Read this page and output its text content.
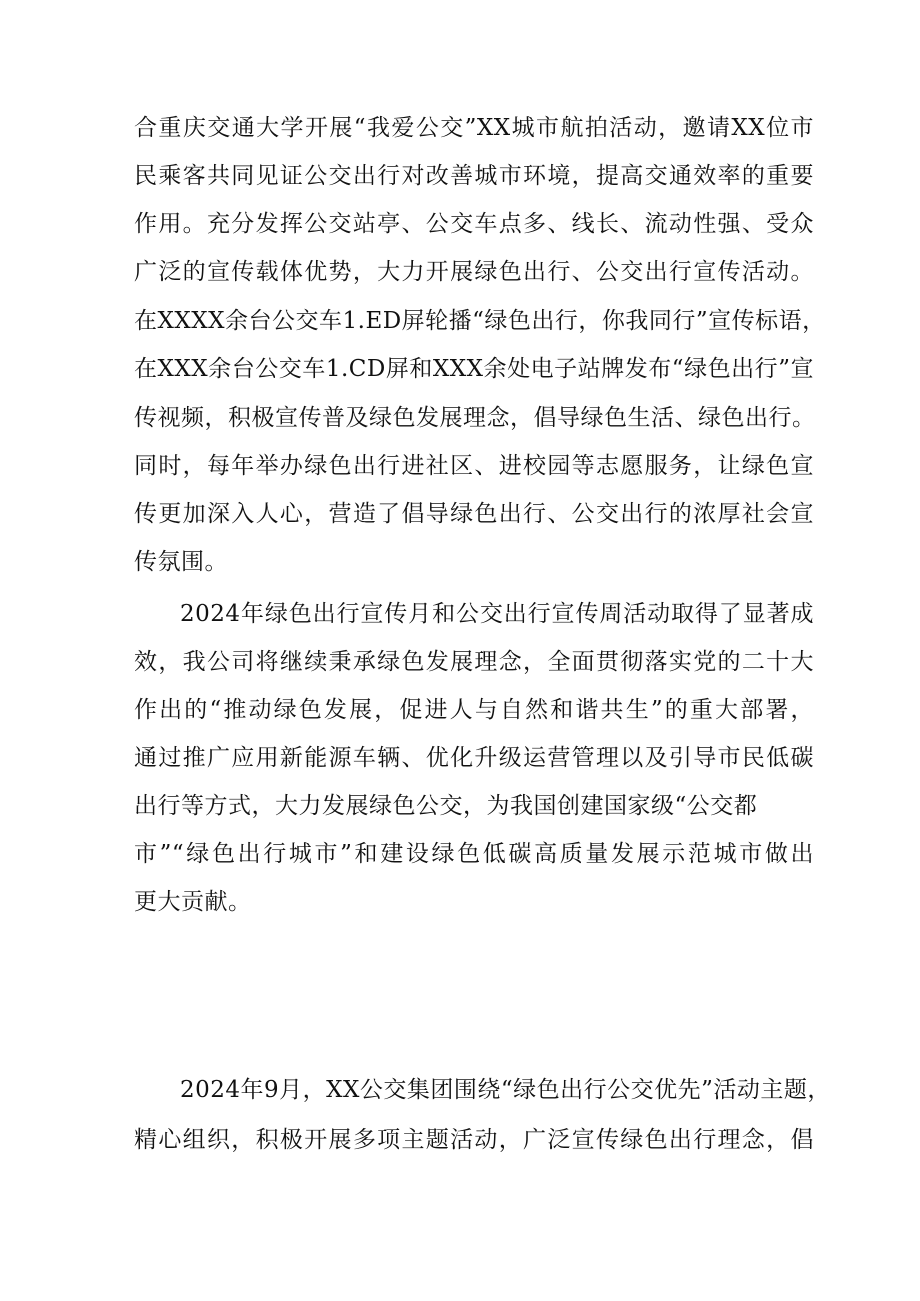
合重庆交通大学开展“我爱公交”XX城市航拍活动，邀请XX位市
民乘客共同见证公交出行对改善城市环境，提高交通效率的重要
作用。充分发挥公交站亭、公交车点多、线长、流动性强、受众
广泛的宣传载体优势，大力开展绿色出行、公交出行宣传活动。
在XXXX余台公交车1.ED屏轮播“绿色出行，你我同行”宣传标语，
在XXX余台公交车1.CD屏和XXX余处电子站牌发布“绿色出行”宣
传视频，积极宣传普及绿色发展理念，倡导绿色生活、绿色出行。
同时，每年举办绿色出行进社区、进校园等志愿服务，让绿色宣
传更加深入人心，营造了倡导绿色出行、公交出行的浓厚社会宣
传氛围。
2024年绿色出行宣传月和公交出行宣传周活动取得了显著成
效，我公司将继续秉承绿色发展理念，全面贯彻落实党的二十大
作出的“推动绿色发展，促进人与自然和谐共生”的重大部署，
通过推广应用新能源车辆、优化升级运营管理以及引导市民低碳
出行等方式，大力发展绿色公交，为我国创建国家级“公交都
市”“绿色出行城市”和建设绿色低碳高质量发展示范城市做出
更大贡献。
2024年9月，XX公交集团围绕“绿色出行公交优先”活动主题，
精心组织，积极开展多项主题活动，广泛宣传绿色出行理念，倡
